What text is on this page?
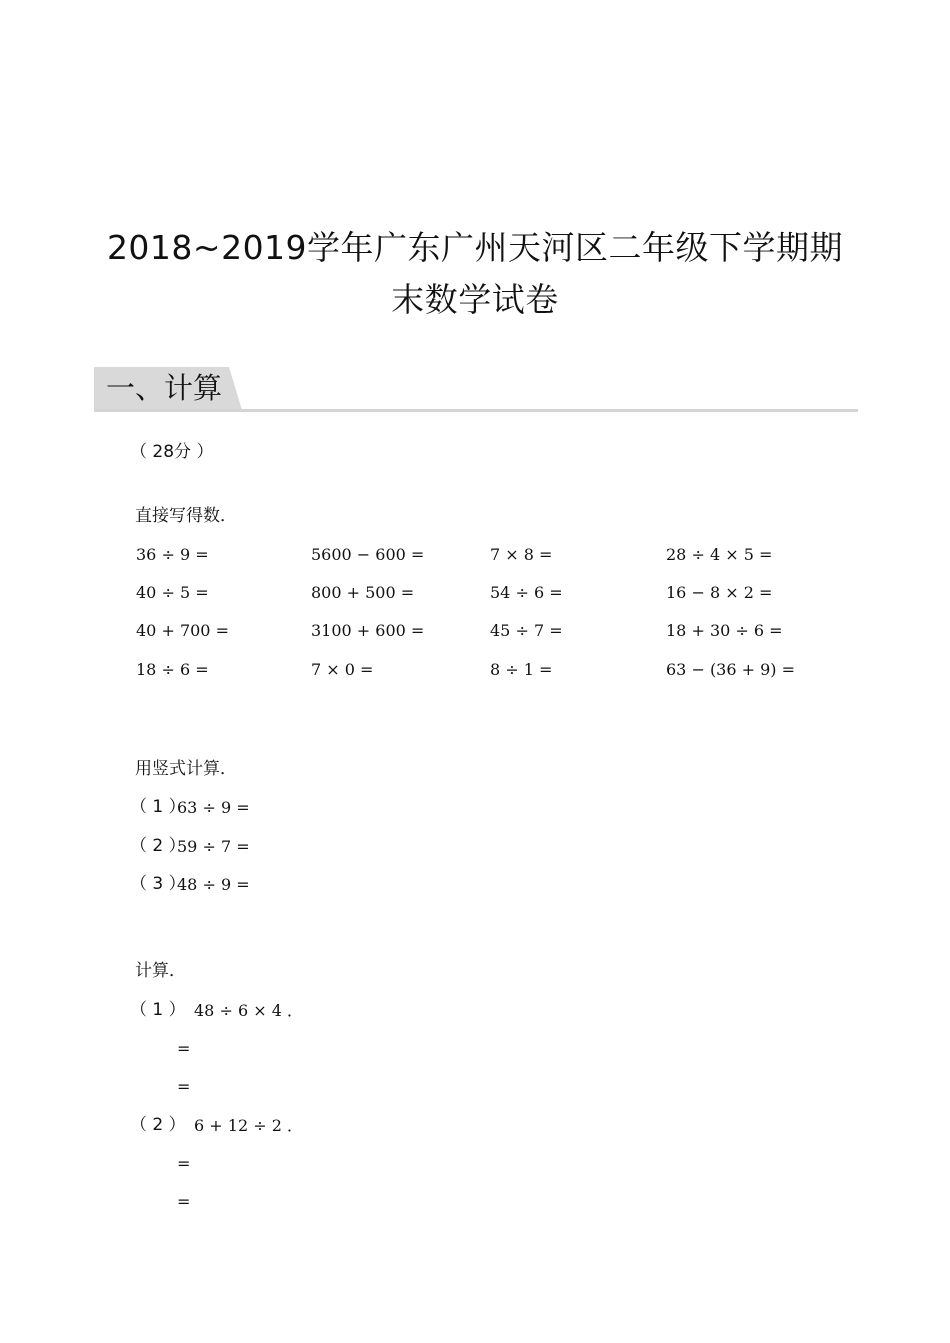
2018~2019学年广东广州天河区二年级下学期期
末数学试卷
一、计算
（ 28分 ）
直接写得数．
36 ÷ 9 =	5600 − 600 =	7 × 8 =	28 ÷ 4 × 5 =
40 ÷ 5 =	800 + 500 =	54 ÷ 6 =	16 − 8 × 2 =
40 + 700 =	3100 + 600 =	45 ÷ 7 =	18 + 30 ÷ 6 =
18 ÷ 6 =	7 × 0 =	8 ÷ 1 =	63 − (36 + 9) =
用竖式计算．
（ 1 ）
63 ÷ 9 =
（ 2 ）
59 ÷ 7 =
（ 3 ）
48 ÷ 9 =
计算．
（ 1 ） 48 ÷ 6 × 4 ．
=
=
（ 2 ） 6 + 12 ÷ 2 ．
=
=
